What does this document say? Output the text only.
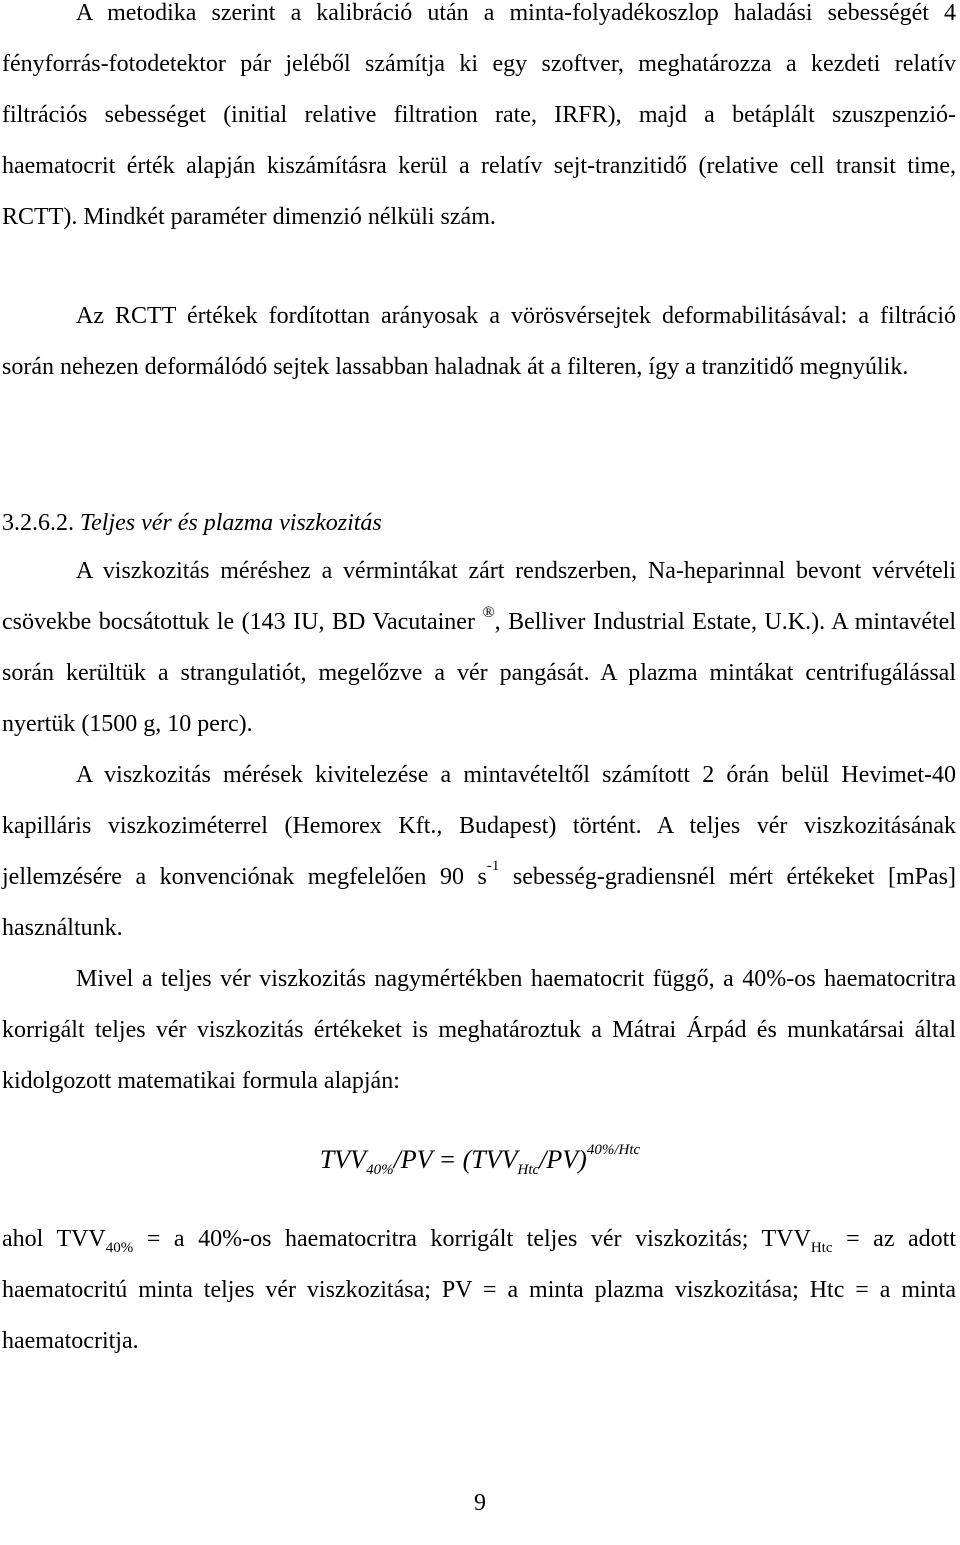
A metodika szerint a kalibráció után a minta-folyadékoszlop haladási sebességét 4 fényforrás-fotodetektor pár jeléből számítja ki egy szoftver, meghatározza a kezdeti relatív filtrációs sebességet (initial relative filtration rate, IRFR), majd a betáplált szuszpenzió-haematocrit érték alapján kiszámításra kerül a relatív sejt-tranzitidő (relative cell transit time, RCTT). Mindkét paraméter dimenzió nélküli szám.

Az RCTT értékek fordítottan arányosak a vörösvérsejtek deformabilitásával: a filtráció során nehezen deformálódó sejtek lassabban haladnak át a filteren, így a tranzitidő megnyúlik.

3.2.6.2. Teljes vér és plazma viszkozitás

A viszkozitás méréshez a vérmintákat zárt rendszerben, Na-heparinnal bevont vérvételi csövekbe bocsátottuk le (143 IU, BD Vacutainer ®, Belliver Industrial Estate, U.K.). A mintavétel során kerültük a strangulatiót, megelőzve a vér pangását. A plazma mintákat centrifugálással nyertük (1500 g, 10 perc).

A viszkozitás mérések kivitelezése a mintavételtől számított 2 órán belül Hevimet-40 kapilláris viszkoziméterrel (Hemorex Kft., Budapest) történt. A teljes vér viszkozitásának jellemzésére a konvenciónak megfelelően 90 $s^{-1}$ sebesség-gradiensnél mért értékeket [mPas] használtunk.

Mivel a teljes vér viszkozitás nagymértékben haematocrit függő, a 40%-os haematocritra korrigált teljes vér viszkozitás értékeket is meghatároztuk a Mátrai Árpád és munkatársai által kidolgozott matematikai formula alapján:

$TVV_{40\%}/PV = (TVV_{Htc}/PV)^{40\%/Htc}$

ahol $TVV_{40\%} = a$ 40%-os haematocritra korrigált teljes vér viszkozitás; $TVV_{Htc}$ = az adott haematocritú minta teljes vér viszkozitása; PV = a minta plazma viszkozitása; Htc = a minta haematocritja.

9
